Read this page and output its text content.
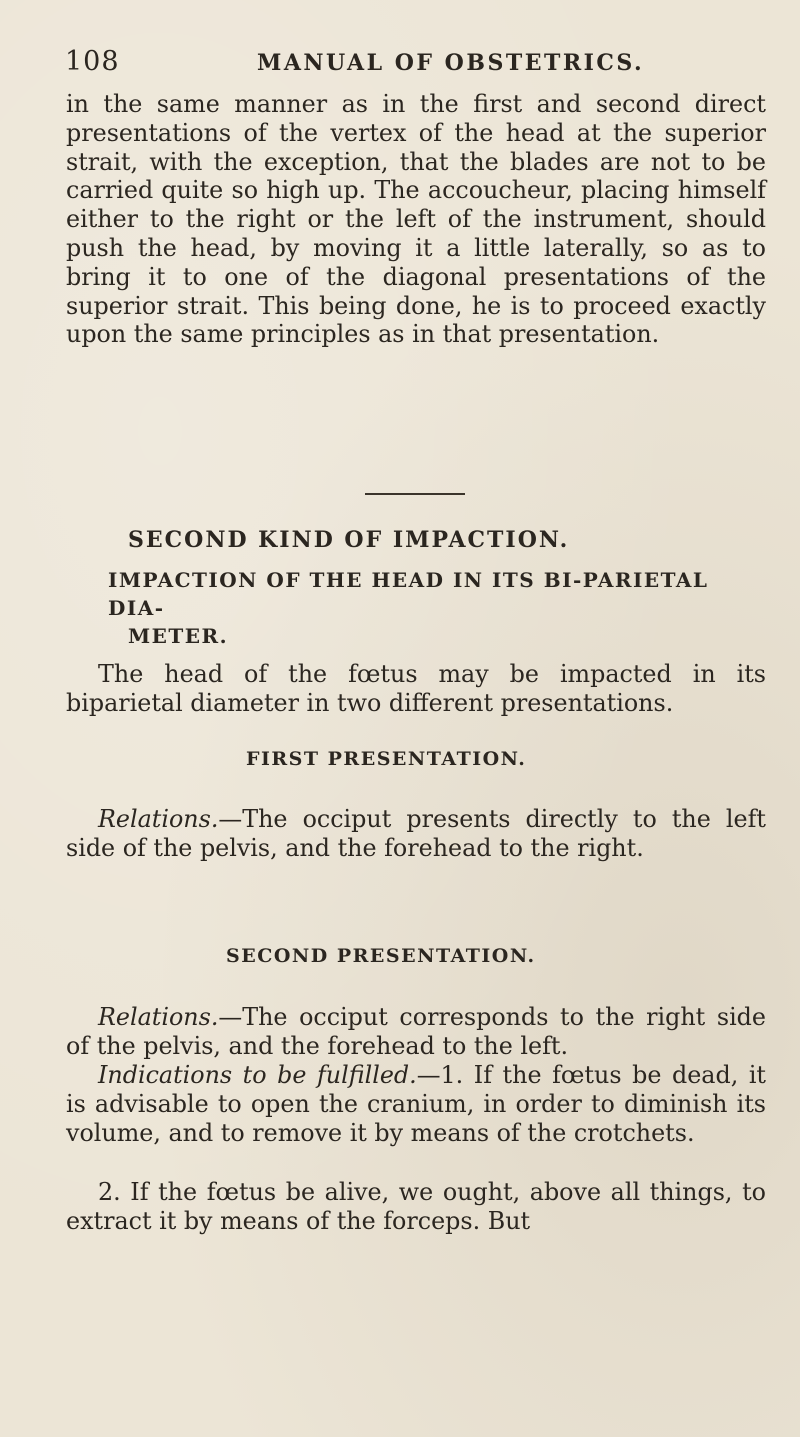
108	MANUAL OF OBSTETRICS.

in the same manner as in the first and second direct presentations of the vertex of the head at the superior strait, with the exception, that the blades are not to be carried quite so high up. The accoucheur, placing himself either to the right or the left of the instrument, should push the head, by moving it a little laterally, so as to bring it to one of the diagonal presentations of the superior strait. This being done, he is to proceed exactly upon the same principles as in that presentation.

SECOND KIND OF IMPACTION.
IMPACTION OF THE HEAD IN ITS BI-PARIETAL DIA-
METER.

The head of the fœtus may be impacted in its biparietal diameter in two different presentations.

FIRST PRESENTATION.

Relations.—The occiput presents directly to the left side of the pelvis, and the forehead to the right.

SECOND PRESENTATION.

Relations.—The occiput corresponds to the right side of the pelvis, and the forehead to the left.

Indications to be fulfilled.—1. If the fœtus be dead, it is advisable to open the cranium, in order to diminish its volume, and to remove it by means of the crotchets.

2. If the fœtus be alive, we ought, above all things, to extract it by means of the forceps. But
